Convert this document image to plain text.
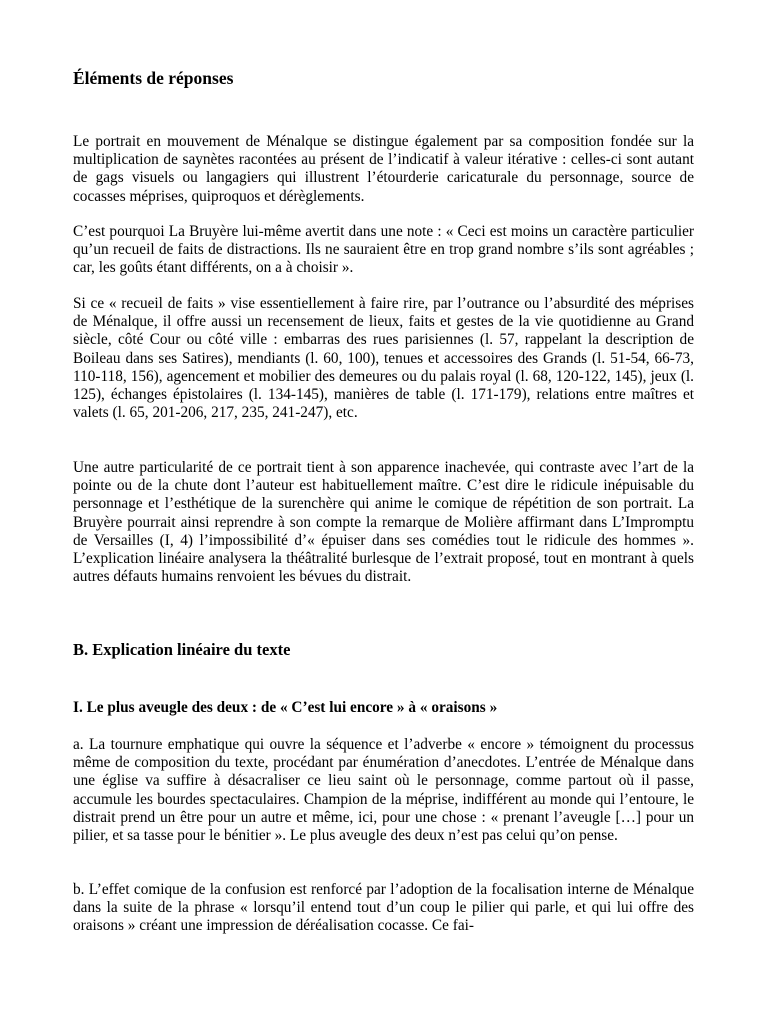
Éléments de réponses

Le portrait en mouvement de Ménalque se distingue également par sa composition fondée sur la multiplication de saynètes racontées au présent de l’indicatif à valeur itérative : celles-ci sont autant de gags visuels ou langagiers qui illustrent l’étourderie caricaturale du personnage, source de cocasses méprises, quiproquos et dérèglements.

C’est pourquoi La Bruyère lui-même avertit dans une note : « Ceci est moins un caractère particulier qu’un recueil de faits de distractions. Ils ne sauraient être en trop grand nombre s’ils sont agréables ; car, les goûts étant différents, on a à choisir ».

Si ce « recueil de faits » vise essentiellement à faire rire, par l’outrance ou l’absurdité des méprises de Ménalque, il offre aussi un recensement de lieux, faits et gestes de la vie quotidienne au Grand siècle, côté Cour ou côté ville : embarras des rues parisiennes (l. 57, rappelant la description de Boileau dans ses Satires), mendiants (l. 60, 100), tenues et accessoires des Grands (l. 51-54, 66-73, 110-118, 156), agencement et mobilier des demeures ou du palais royal (l. 68, 120-122, 145), jeux (l. 125), échanges épistolaires (l. 134-145), manières de table (l. 171-179), relations entre maîtres et valets (l. 65, 201-206, 217, 235, 241-247), etc.

Une autre particularité de ce portrait tient à son apparence inachevée, qui contraste avec l’art de la pointe ou de la chute dont l’auteur est habituellement maître. C’est dire le ridicule inépuisable du personnage et l’esthétique de la surenchère qui anime le comique de répétition de son portrait. La Bruyère pourrait ainsi reprendre à son compte la remarque de Molière affirmant dans L’Impromptu de Versailles (I, 4) l’impossibilité d’« épuiser dans ses comédies tout le ridicule des hommes ». L’explication linéaire analysera la théâtralité burlesque de l’extrait proposé, tout en montrant à quels autres défauts humains renvoient les bévues du distrait.

B. Explication linéaire du texte
I. Le plus aveugle des deux : de « C’est lui encore » à « oraisons »

a. La tournure emphatique qui ouvre la séquence et l’adverbe « encore » témoignent du processus même de composition du texte, procédant par énumération d’anecdotes. L’entrée de Ménalque dans une église va suffire à désacraliser ce lieu saint où le personnage, comme partout où il passe, accumule les bourdes spectaculaires. Champion de la méprise, indifférent au monde qui l’entoure, le distrait prend un être pour un autre et même, ici, pour une chose : « prenant l’aveugle […] pour un pilier, et sa tasse pour le bénitier ». Le plus aveugle des deux n’est pas celui qu’on pense.

b. L’effet comique de la confusion est renforcé par l’adoption de la focalisation interne de Ménalque dans la suite de la phrase « lorsqu’il entend tout d’un coup le pilier qui parle, et qui lui offre des oraisons » créant une impression de déréalisation cocasse. Ce fai-
